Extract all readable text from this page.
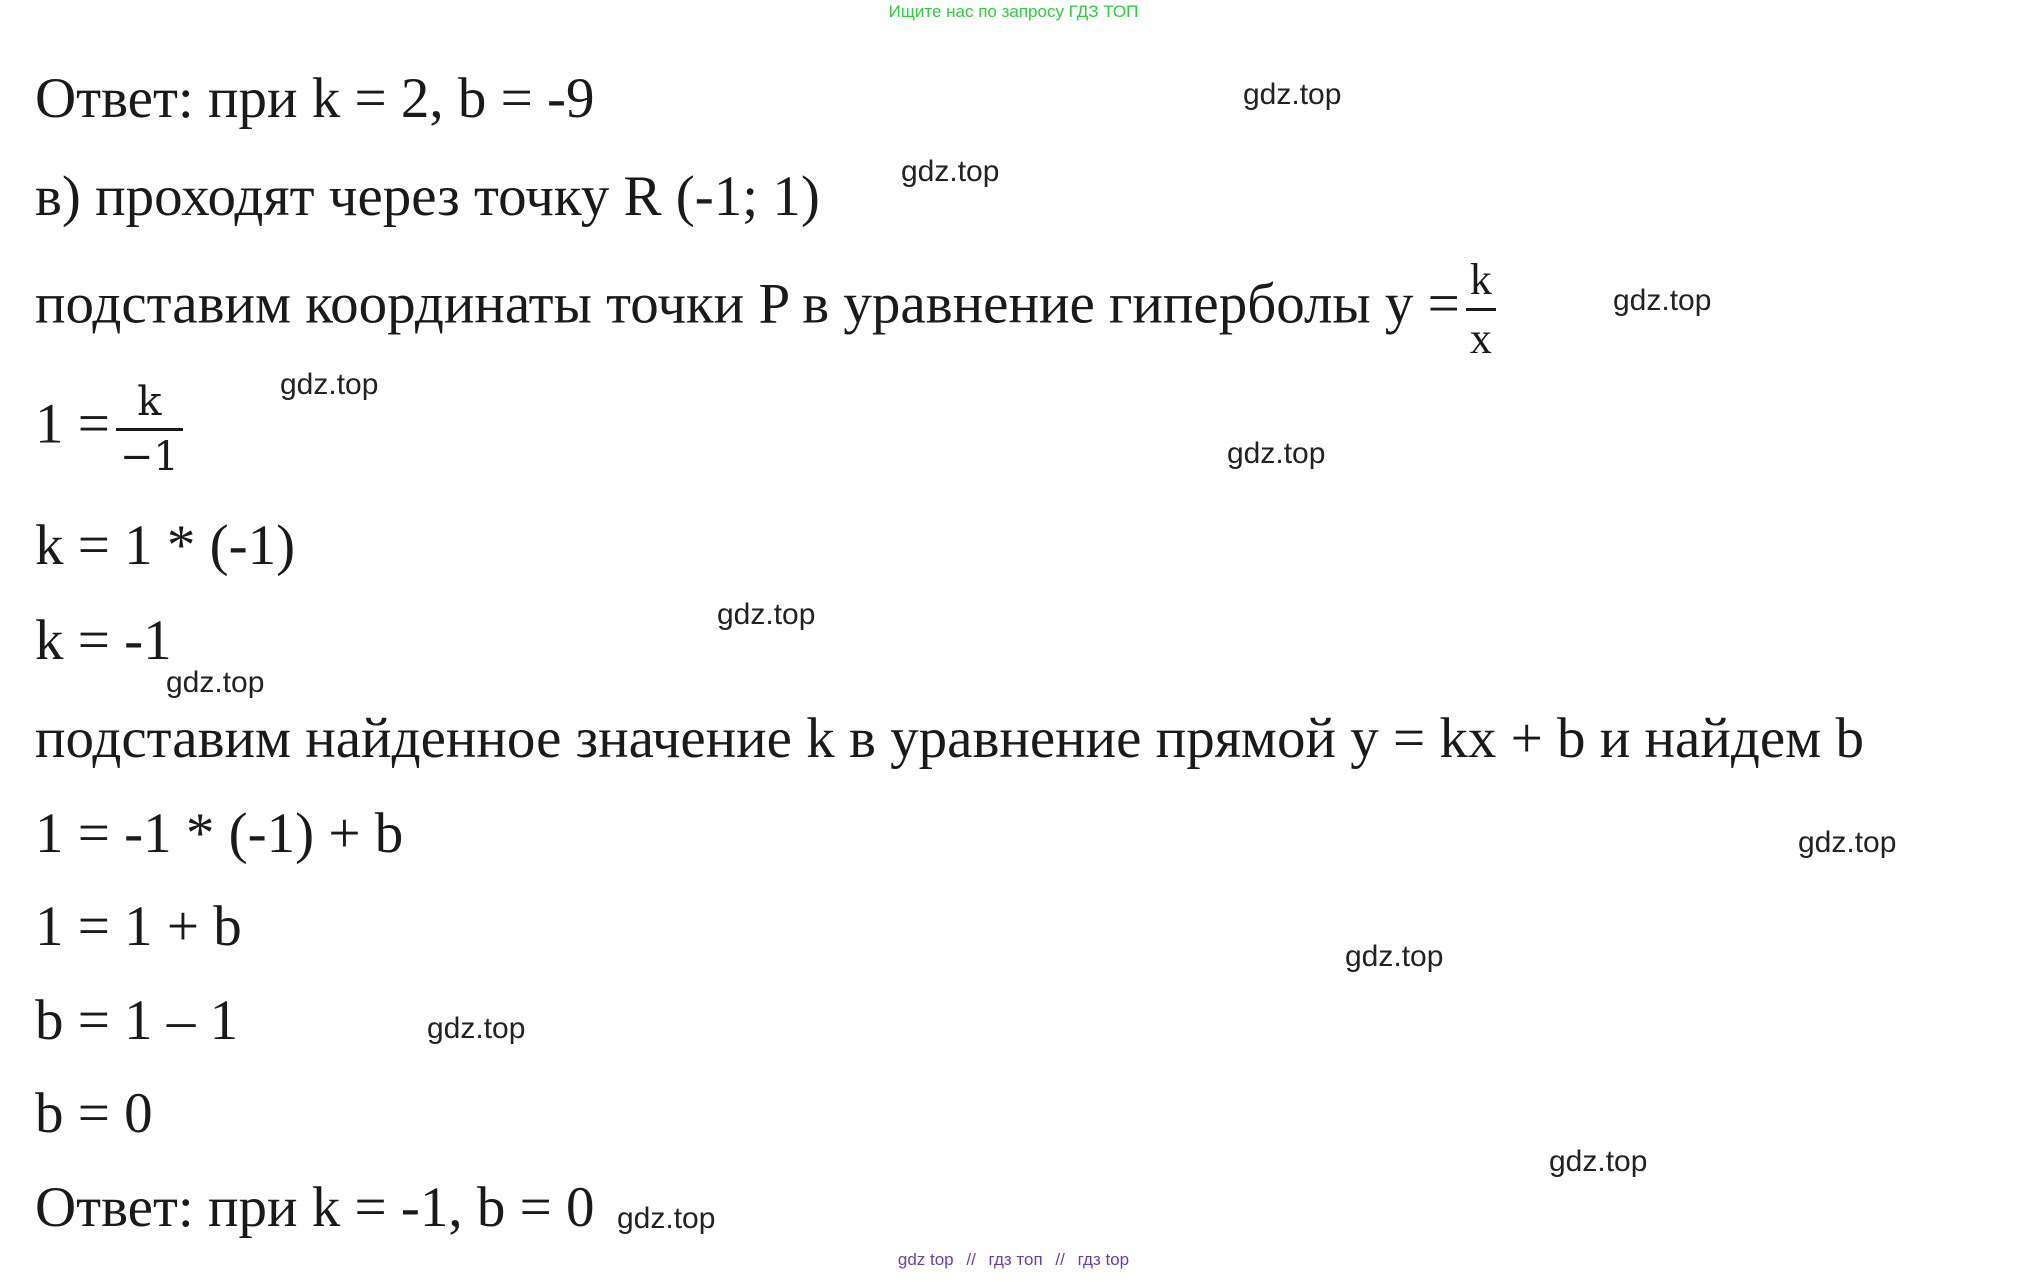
Ищите нас по запросу ГДЗ ТОП
Ответ: при k = 2, b = -9
в) проходят через точку R (-1; 1)
подставим координаты точки P в уравнение гиперболы $y = \frac{k}{x}$
$1 = \frac{k}{-1}$
k = 1 * (-1)
k = -1
подставим найденное значение k в уравнение прямой y = kx + b и найдем b
1 = -1 * (-1) + b
1 = 1 + b
b = 1 – 1
b = 0
Ответ: при k = -1, b = 0
gdz.top
gdz.top
gdz.top
gdz.top
gdz.top
gdz.top
gdz.top
gdz.top
gdz.top
gdz.top
gdz.top
gdz.top
gdz top // гдз топ // гдз top
